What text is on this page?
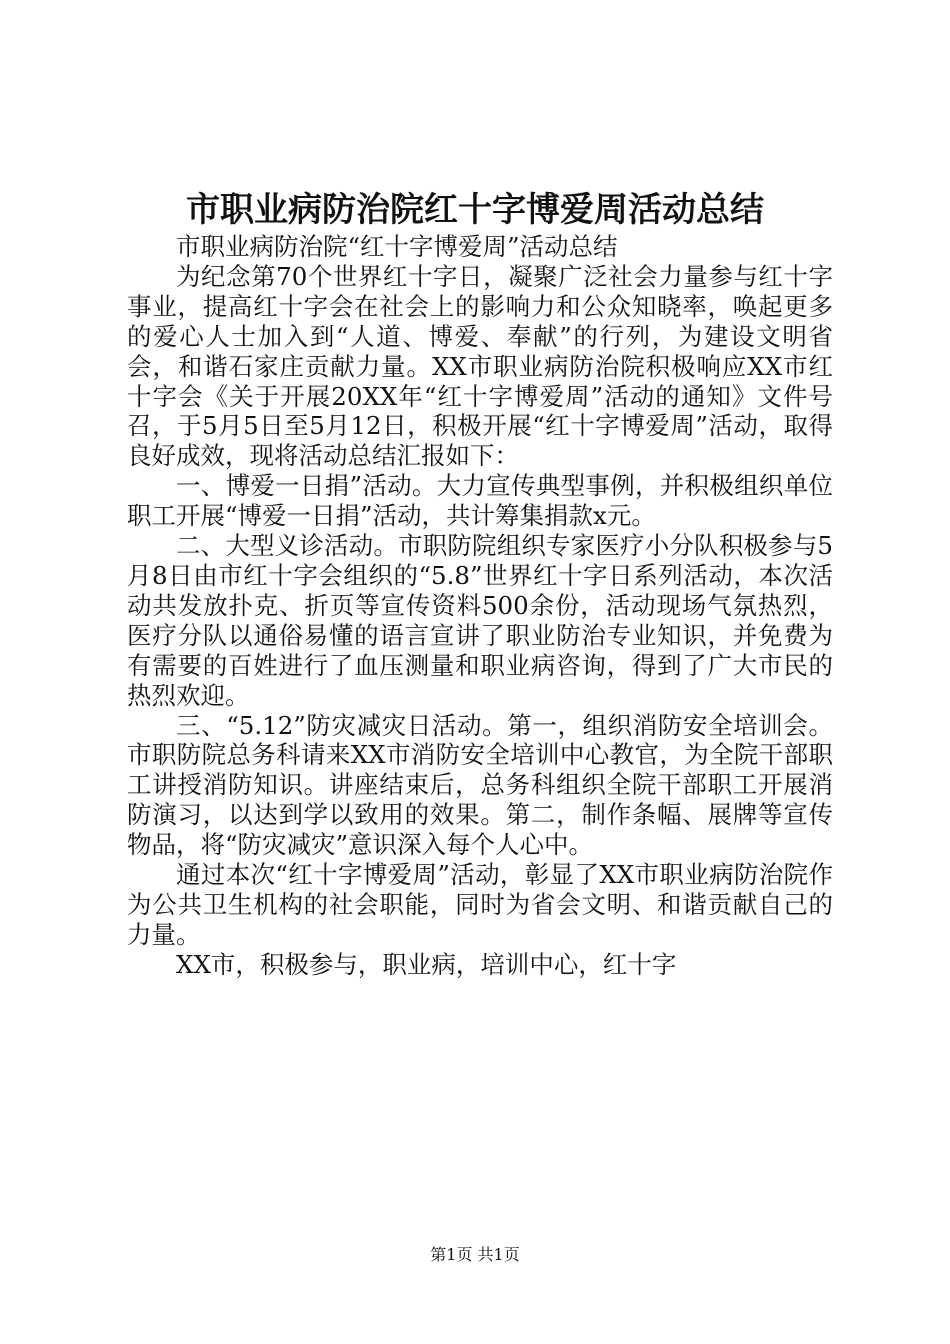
市职业病防治院红十字博爱周活动总结

市职业病防治院“红十字博爱周”活动总结

为纪念第70个世界红十字日，凝聚广泛社会力量参与红十字事业，提高红十字会在社会上的影响力和公众知晓率，唤起更多的爱心人士加入到“人道、博爱、奉献”的行列，为建设文明省会，和谐石家庄贡献力量。XX市职业病防治院积极响应XX市红十字会《关于开展20XX年“红十字博爱周”活动的通知》文件号召，于5月5日至5月12日，积极开展“红十字博爱周”活动，取得良好成效，现将活动总结汇报如下：

一、博爱一日捐”活动。大力宣传典型事例，并积极组织单位职工开展“博爱一日捐”活动，共计筹集捐款x元。

二、大型义诊活动。市职防院组织专家医疗小分队积极参与5月8日由市红十字会组织的“5.8”世界红十字日系列活动，本次活动共发放扑克、折页等宣传资料500余份，活动现场气氛热烈，医疗分队以通俗易懂的语言宣讲了职业防治专业知识，并免费为有需要的百姓进行了血压测量和职业病咨询，得到了广大市民的热烈欢迎。

三、“5.12”防灾减灾日活动。第一，组织消防安全培训会。市职防院总务科请来XX市消防安全培训中心教官，为全院干部职工讲授消防知识。讲座结束后，总务科组织全院干部职工开展消防演习，以达到学以致用的效果。第二，制作条幅、展牌等宣传物品，将“防灾减灾”意识深入每个人心中。

通过本次“红十字博爱周”活动，彰显了XX市职业病防治院作为公共卫生机构的社会职能，同时为省会文明、和谐贡献自己的力量。

XX市，积极参与，职业病，培训中心，红十字

第1页 共1页
